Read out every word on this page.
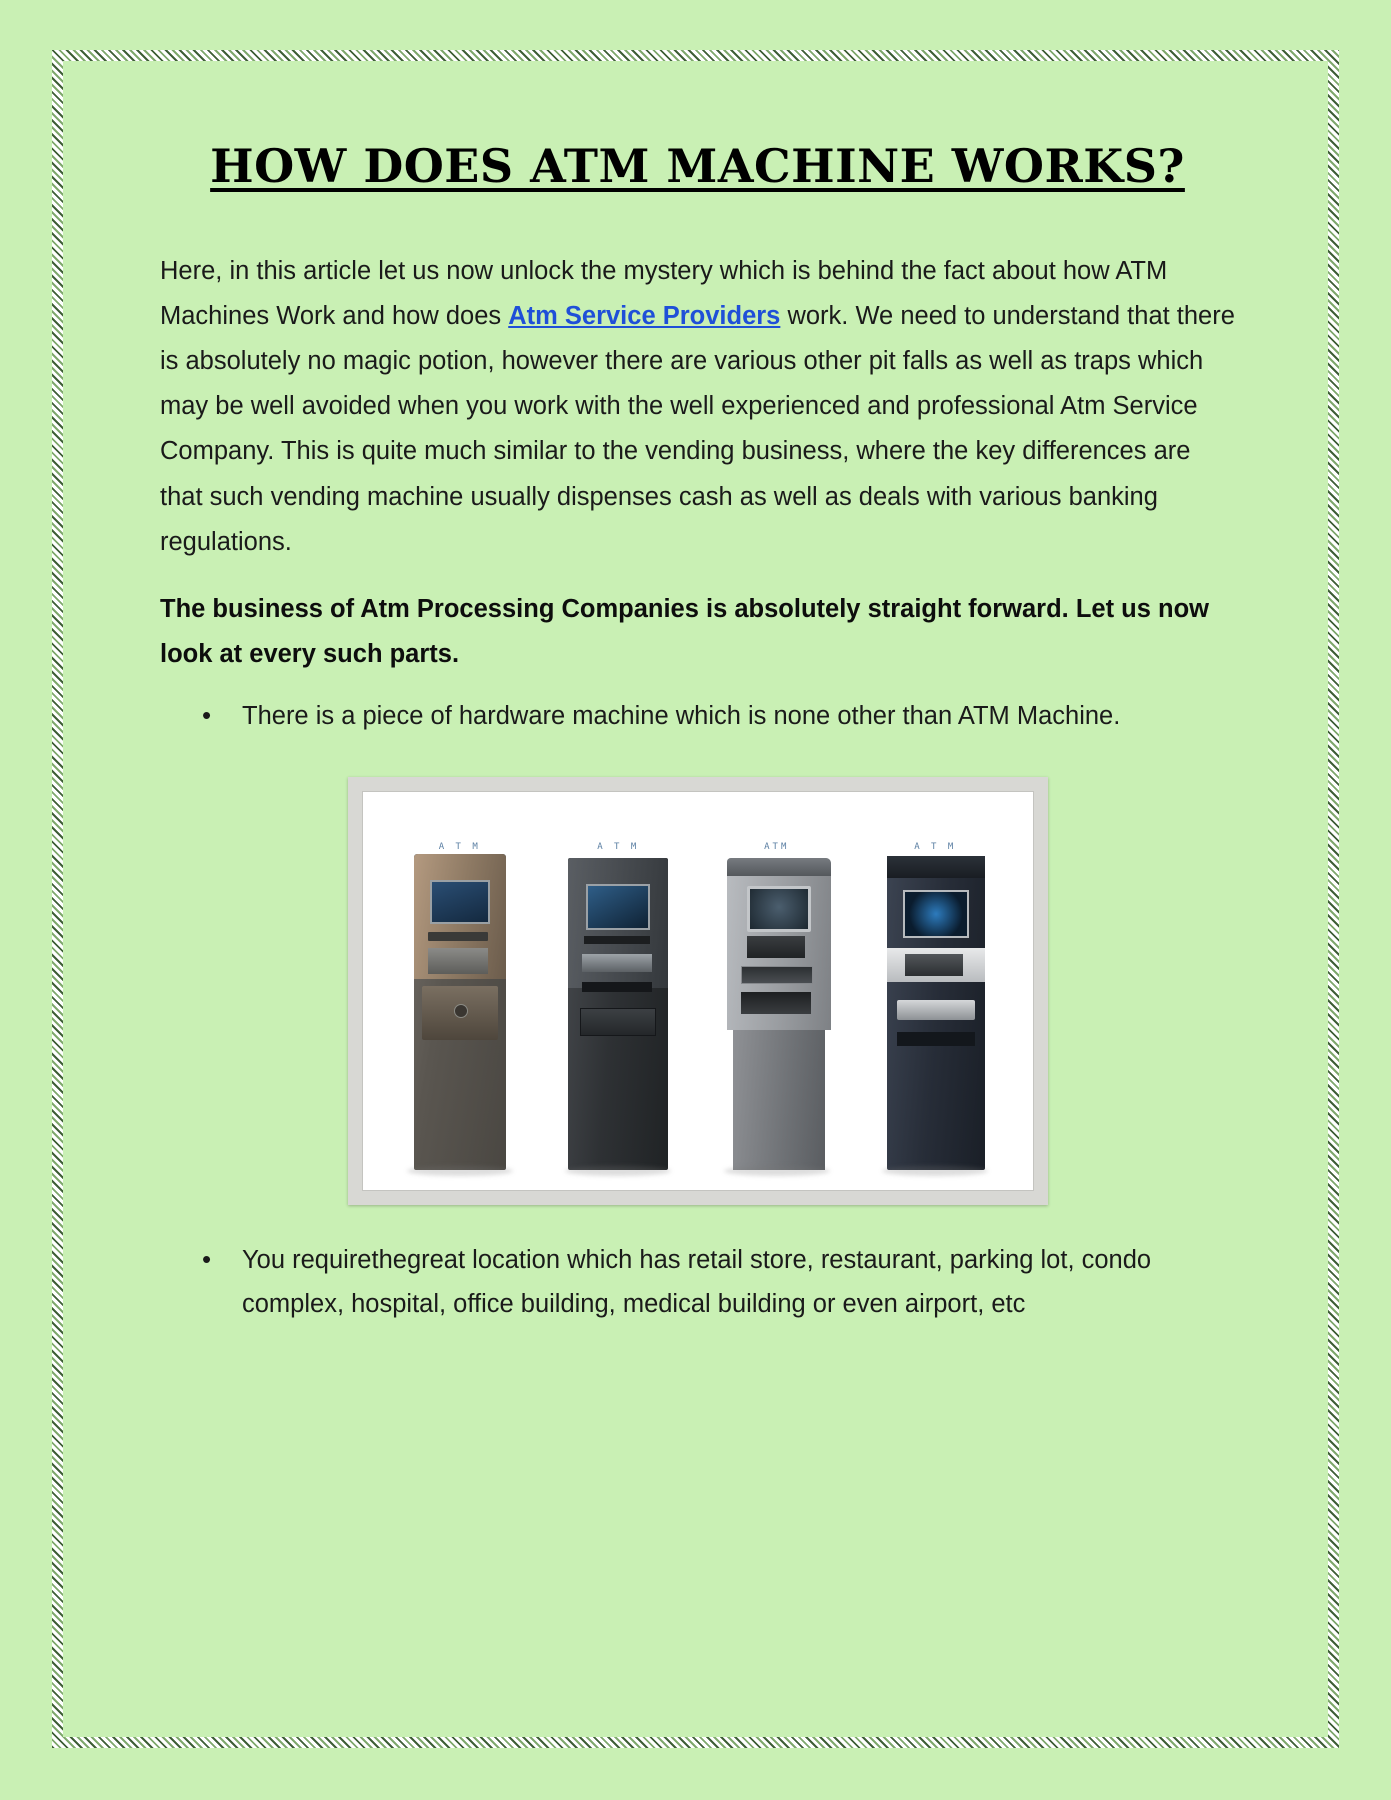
HOW DOES ATM MACHINE WORKS?

Here, in this article let us now unlock the mystery which is behind the fact about how ATM Machines Work and how does Atm Service Providers work. We need to understand that there is absolutely no magic potion, however there are various other pit falls as well as traps which may be well avoided when you work with the well experienced and professional Atm Service Company. This is quite much similar to the vending business, where the key differences are that such vending machine usually dispenses cash as well as deals with various banking regulations.

The business of Atm Processing Companies is absolutely straight forward. Let us now look at every such parts.

• There is a piece of hardware machine which is none other than ATM Machine.
A T M	A T M	ATM	A T M
• You requirethegreat location which has retail store, restaurant, parking lot, condo complex, hospital, office building, medical building or even airport, etc
